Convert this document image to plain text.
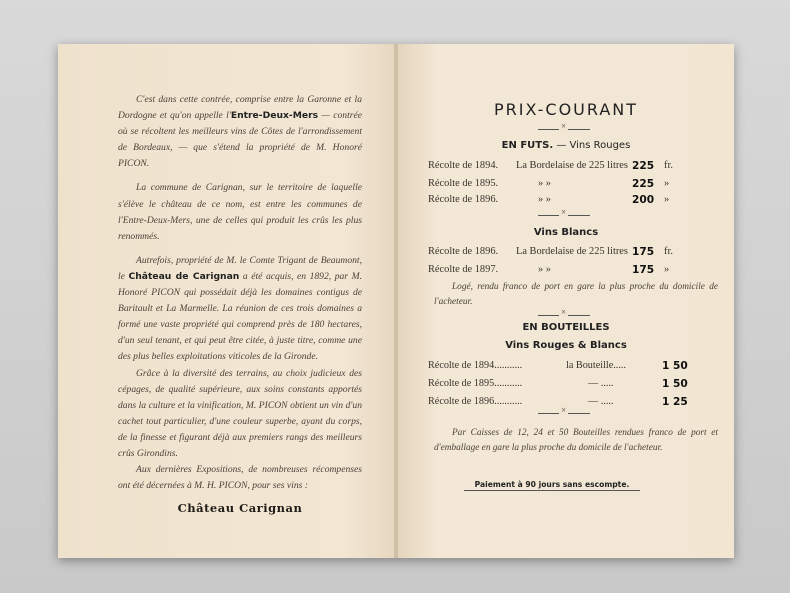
C'est dans cette contrée, comprise entre la Garonne et la Dordogne et qu'on appelle l'Entre-Deux-Mers — contrée où se récoltent les meilleurs vins de Côtes de l'arrondissement de Bordeaux, — que s'étend la propriété de M. Honoré PICON.

La commune de Carignan, sur le territoire de laquelle s'élève le château de ce nom, est entre les communes de l'Entre-Deux-Mers, une de celles qui produit les crûs les plus renommés.

Autrefois, propriété de M. le Comte Trigant de Beaumont, le Château de Carignan a été acquis, en 1892, par M. Honoré PICON qui possédait déjà les domaines contigus de Baritault et La Marmelle. La réunion de ces trois domaines a formé une vaste propriété qui comprend près de 180 hectares, d'un seul tenant, et qui peut être citée, à juste titre, comme une des plus belles exploitations viticoles de la Gironde.

Grâce à la diversité des terrains, au choix judicieux des cépages, de qualité supérieure, aux soins constants apportés dans la culture et la vinification, M. PICON obtient un vin d'un cachet tout particulier, d'une couleur superbe, ayant du corps, de la finesse et figurant déjà aux premiers rangs des meilleurs crûs Girondins.

Aux dernières Expositions, de nombreuses récompenses ont été décernées à M. H. PICON, pour ses vins :

Château Carignan
PRIX-COURANT
×
EN FUTS. — Vins Rouges
Récolte de 1894. La Bordelaise de 225 litres 225 fr.
Récolte de 1895.	» »	225 »
Récolte de 1896.	» »	200 »
×
Vins Blancs
Récolte de 1896. La Bordelaise de 225 litres 175 fr.
Récolte de 1897.	» »	175 »
Logé, rendu franco de port en gare la plus proche du domicile de l'acheteur.
×
EN BOUTEILLES
Vins Rouges & Blancs
Récolte de 1894...........	la Bouteille.....	1 50
Récolte de 1895...........	— .....	1 50
Récolte de 1896...........	— .....	1 25
×
Par Caisses de 12, 24 et 50 Bouteilles rendues franco de port et d'emballage en gare la plus proche du domicile de l'acheteur.
Paiement à 90 jours sans escompte.
